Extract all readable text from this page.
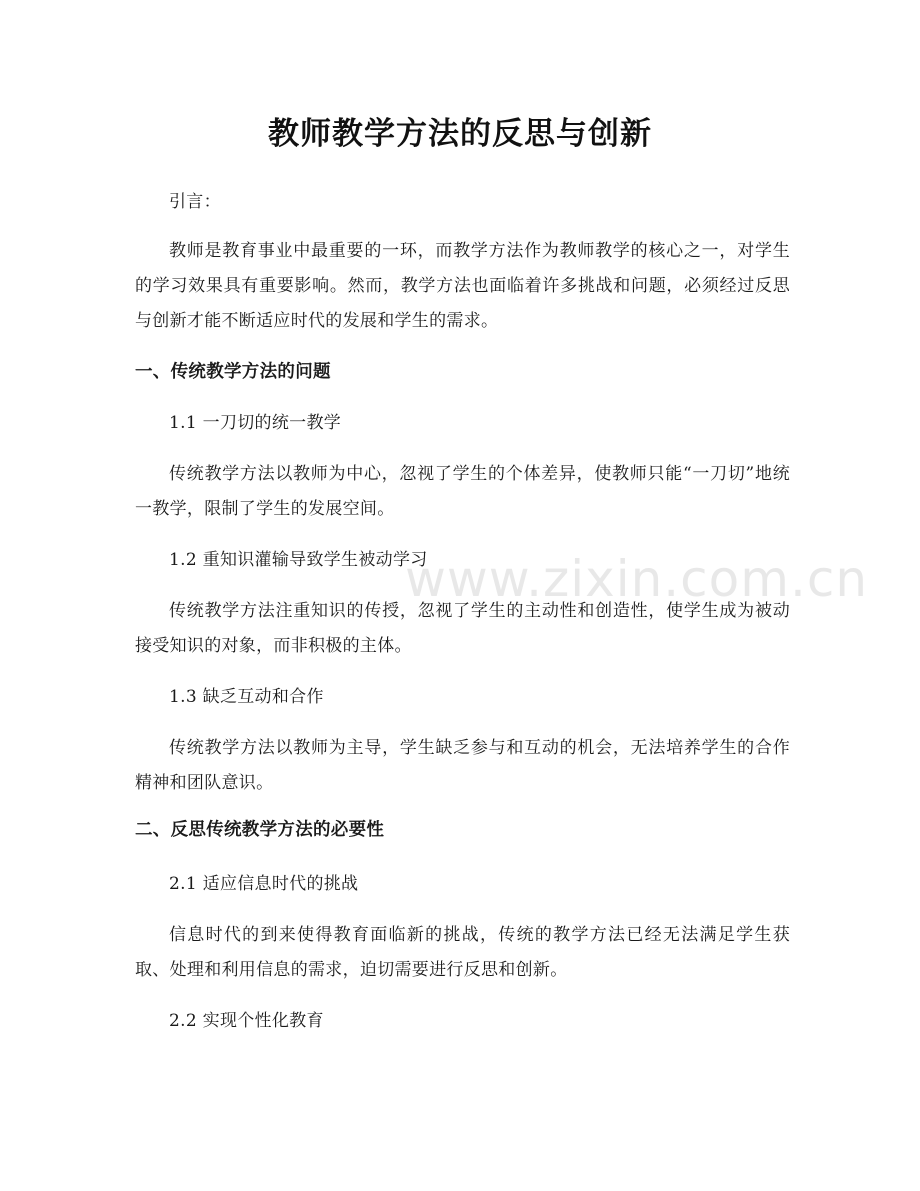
教师教学方法的反思与创新
引言：
教师是教育事业中最重要的一环，而教学方法作为教师教学的核心之一，对学生的学习效果具有重要影响。然而，教学方法也面临着许多挑战和问题，必须经过反思与创新才能不断适应时代的发展和学生的需求。
一、传统教学方法的问题
1.1 一刀切的统一教学
传统教学方法以教师为中心，忽视了学生的个体差异，使教师只能“一刀切”地统一教学，限制了学生的发展空间。
1.2 重知识灌输导致学生被动学习
传统教学方法注重知识的传授，忽视了学生的主动性和创造性，使学生成为被动接受知识的对象，而非积极的主体。
1.3 缺乏互动和合作
传统教学方法以教师为主导，学生缺乏参与和互动的机会，无法培养学生的合作精神和团队意识。
二、反思传统教学方法的必要性
2.1 适应信息时代的挑战
信息时代的到来使得教育面临新的挑战，传统的教学方法已经无法满足学生获取、处理和利用信息的需求，迫切需要进行反思和创新。
2.2 实现个性化教育
www.zixin.com.cn
